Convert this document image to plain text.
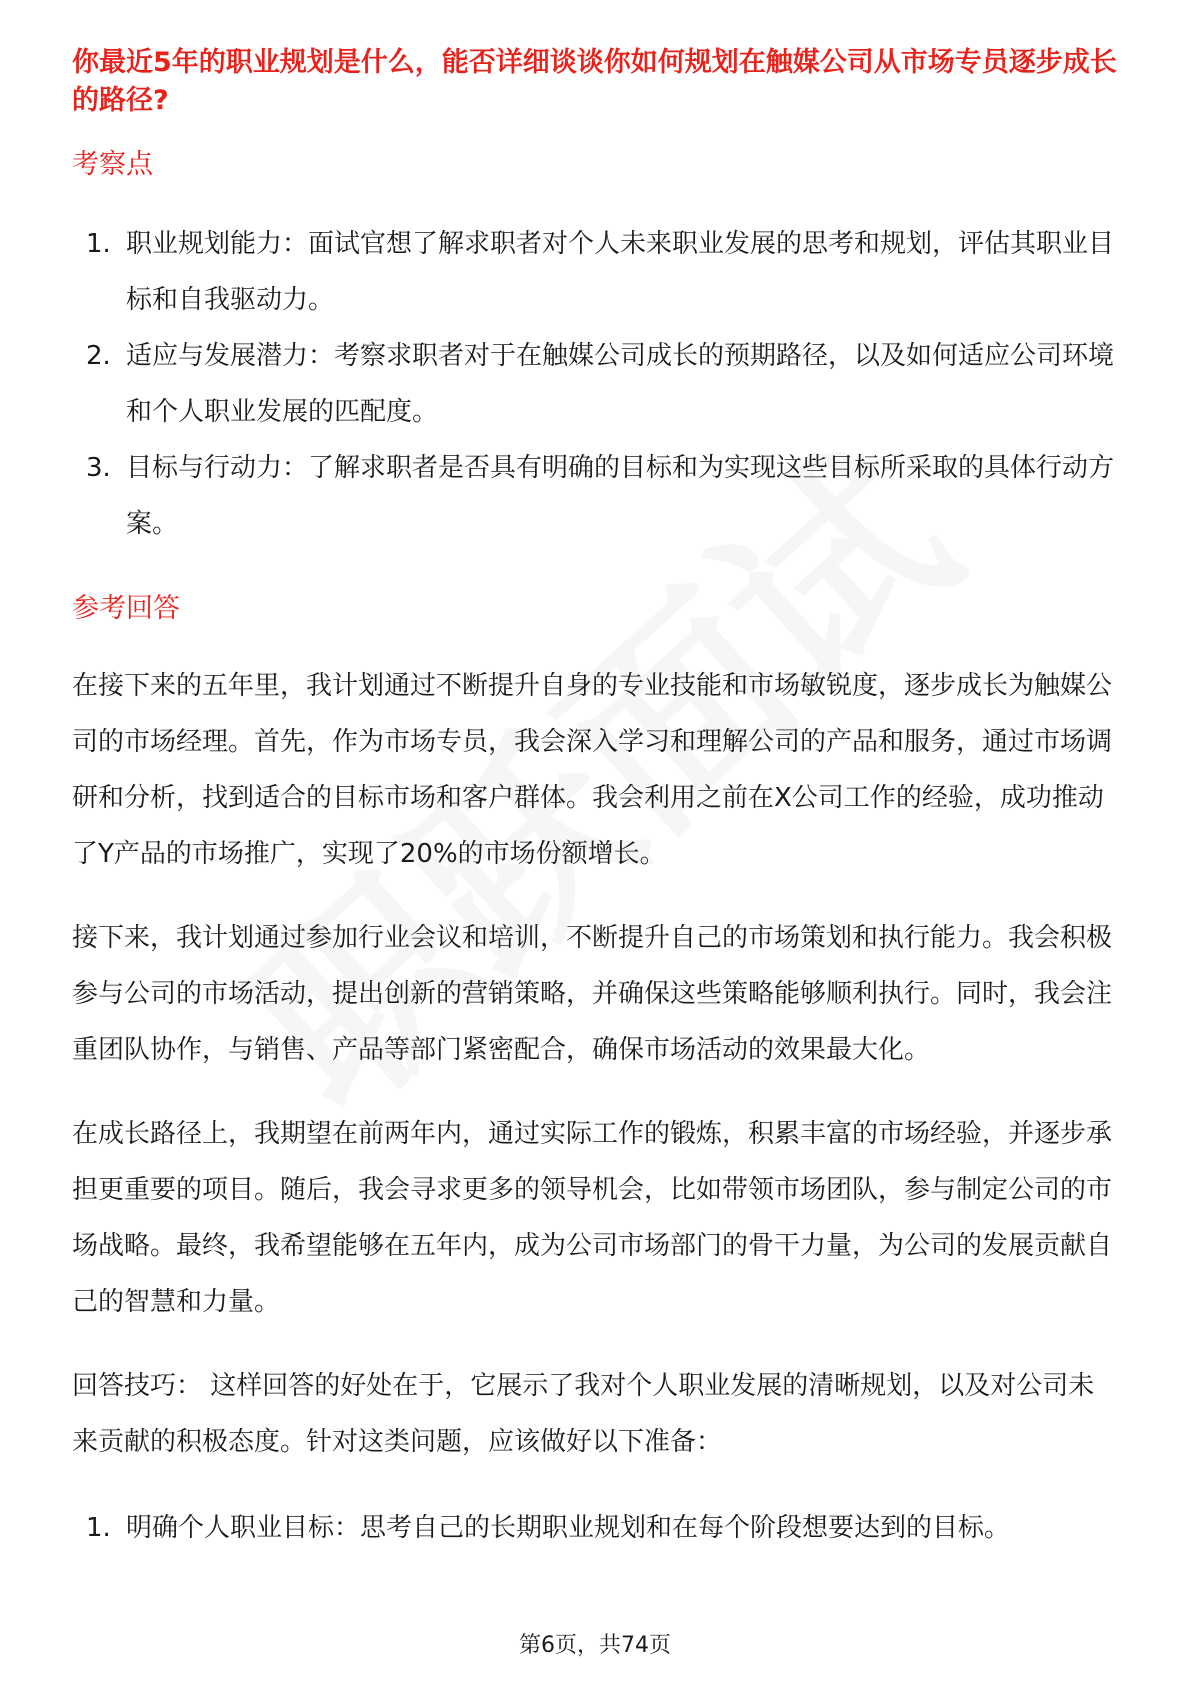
你最近5年的职业规划是什么，能否详细谈谈你如何规划在触媒公司从市场专员逐步成长的路径?

考察点

1. 职业规划能力：面试官想了解求职者对个人未来职业发展的思考和规划，评估其职业目标和自我驱动力。
2. 适应与发展潜力：考察求职者对于在触媒公司成长的预期路径，以及如何适应公司环境和个人职业发展的匹配度。
3. 目标与行动力：了解求职者是否具有明确的目标和为实现这些目标所采取的具体行动方案。

参考回答

在接下来的五年里，我计划通过不断提升自身的专业技能和市场敏锐度，逐步成长为触媒公司的市场经理。首先，作为市场专员，我会深入学习和理解公司的产品和服务，通过市场调研和分析，找到适合的目标市场和客户群体。我会利用之前在X公司工作的经验，成功推动了Y产品的市场推广，实现了20%的市场份额增长。

接下来，我计划通过参加行业会议和培训，不断提升自己的市场策划和执行能力。我会积极参与公司的市场活动，提出创新的营销策略，并确保这些策略能够顺利执行。同时，我会注重团队协作，与销售、产品等部门紧密配合，确保市场活动的效果最大化。

在成长路径上，我期望在前两年内，通过实际工作的锻炼，积累丰富的市场经验，并逐步承担更重要的项目。随后，我会寻求更多的领导机会，比如带领市场团队，参与制定公司的市场战略。最终，我希望能够在五年内，成为公司市场部门的骨干力量，为公司的发展贡献自己的智慧和力量。

回答技巧： 这样回答的好处在于，它展示了我对个人职业发展的清晰规划，以及对公司未来贡献的积极态度。针对这类问题，应该做好以下准备：

1. 明确个人职业目标：思考自己的长期职业规划和在每个阶段想要达到的目标。
第6页，共74页
